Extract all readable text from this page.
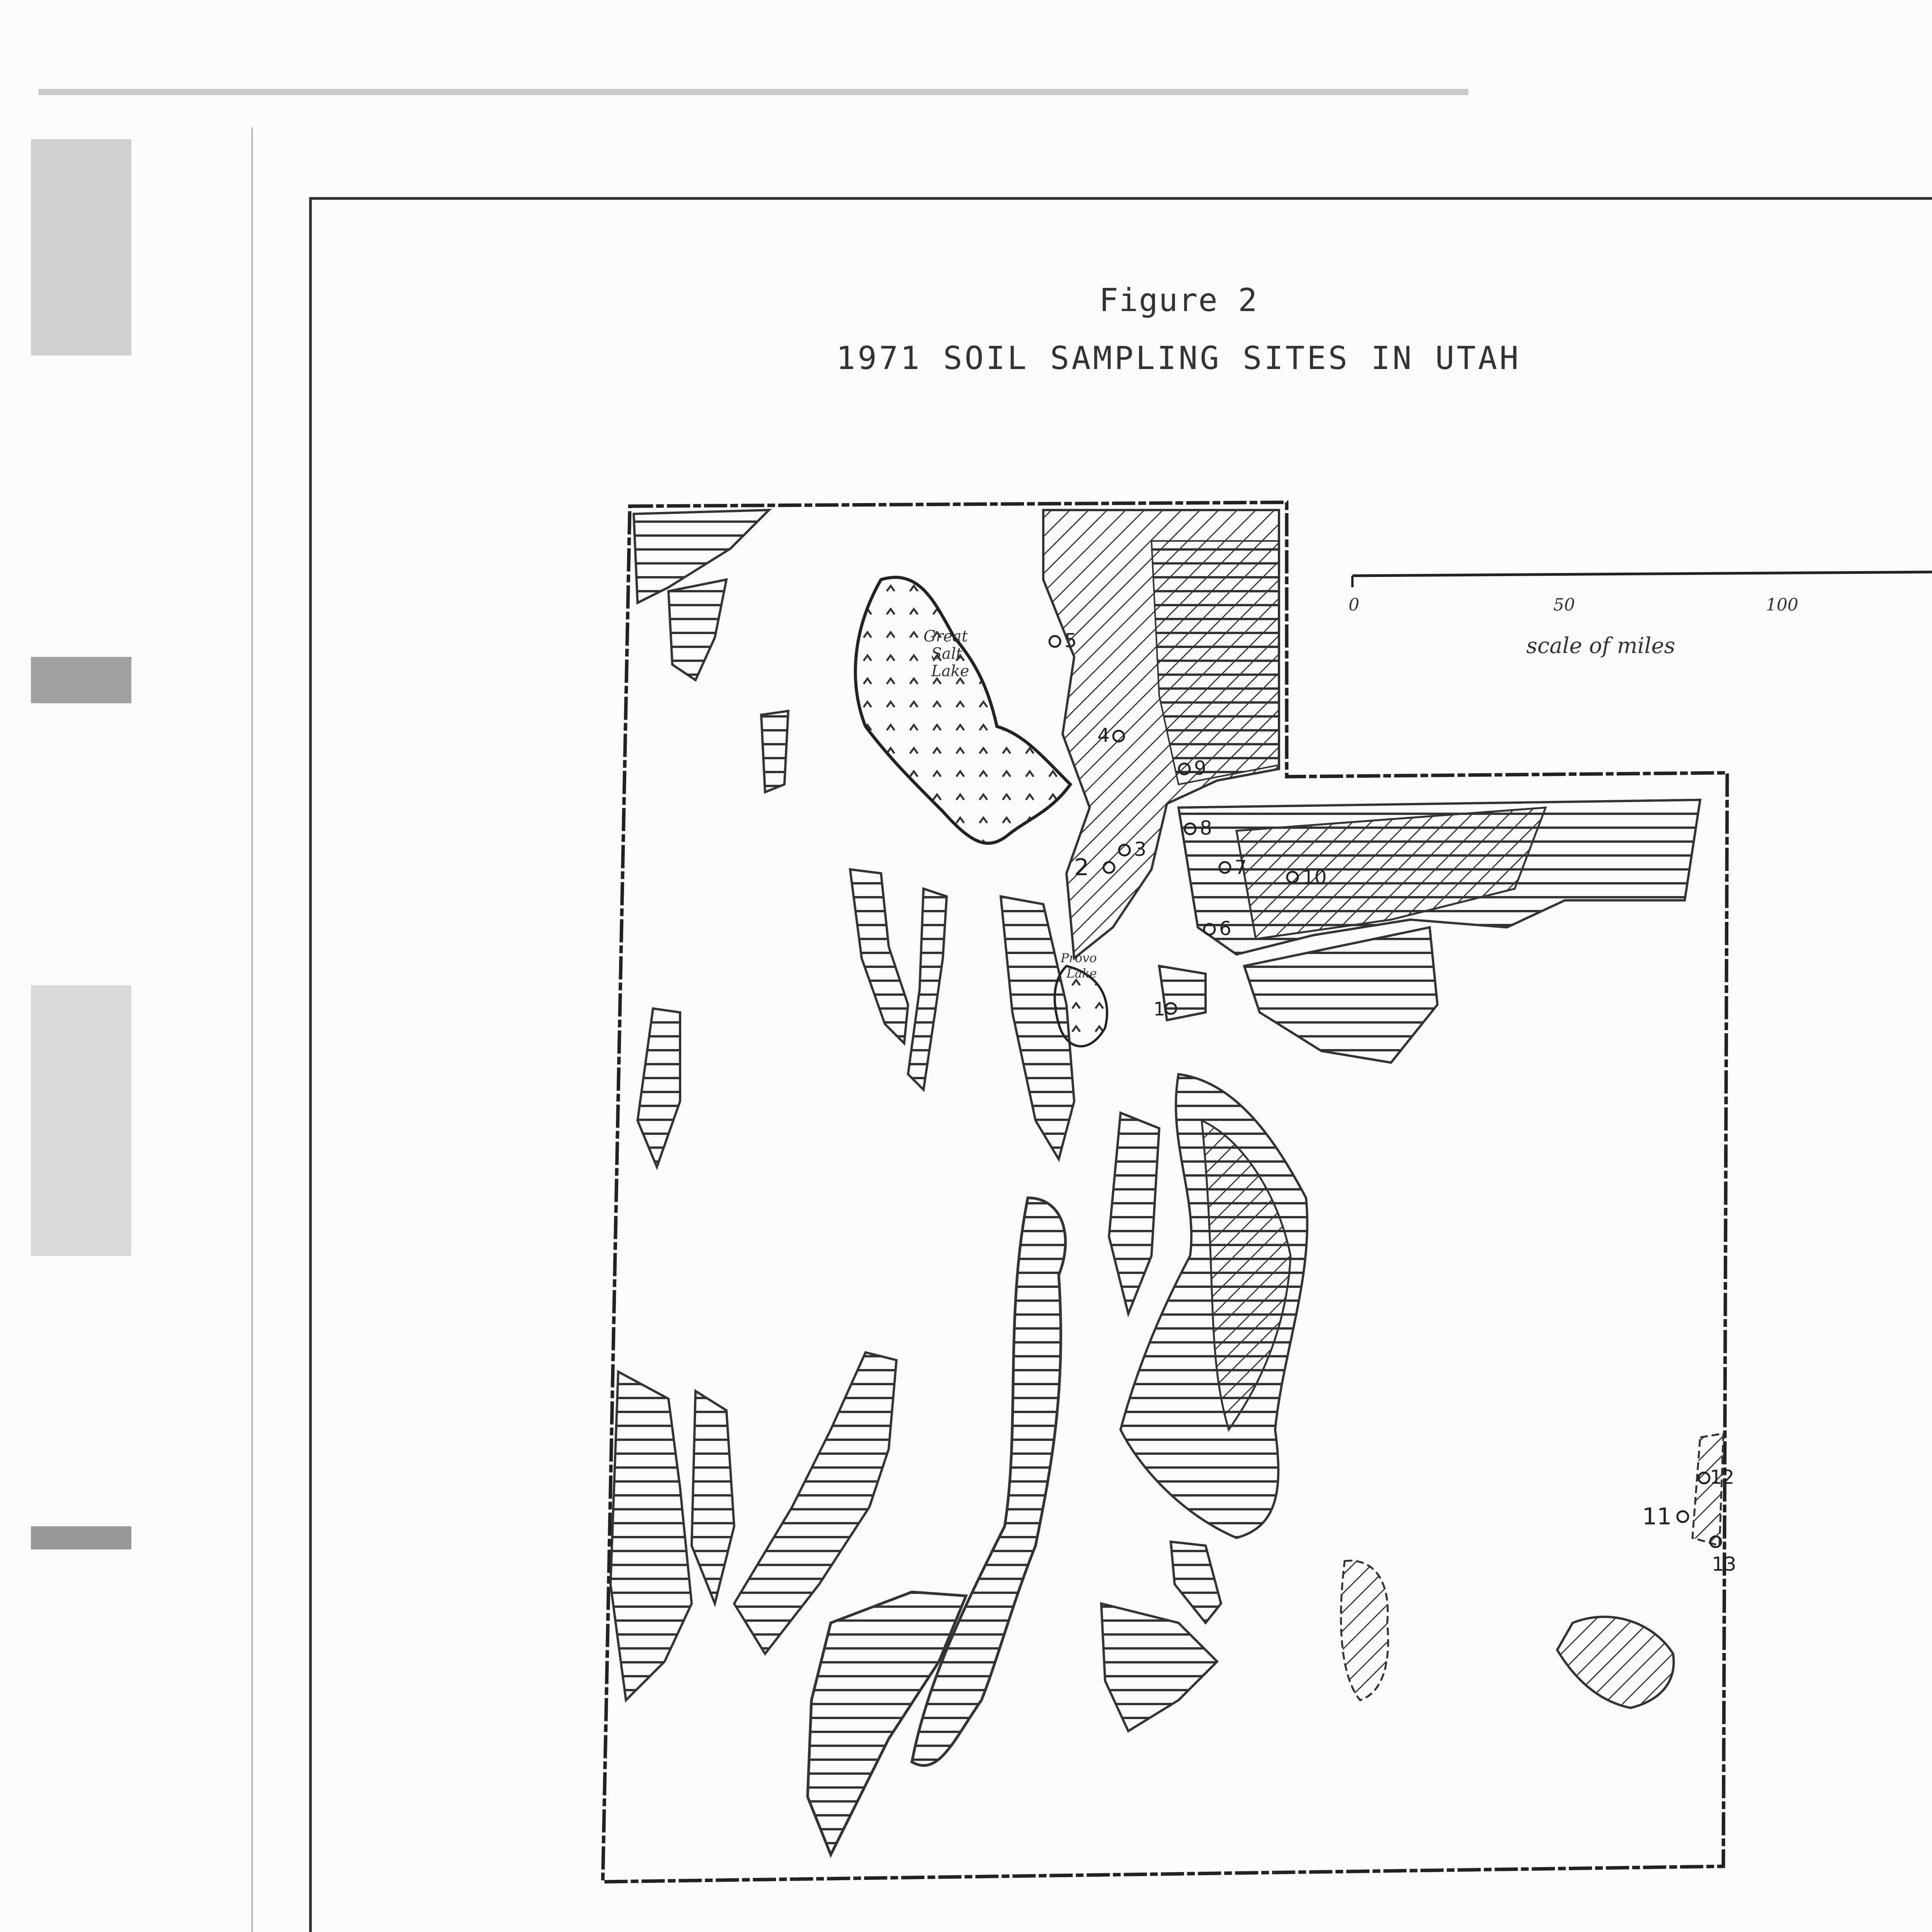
Figure 2
1971 SOIL SAMPLING SITES IN UTAH
Great
Salt
Lake
Provo
Lake
0	50	100
scale of miles
1
2
3
4
5
6
7
8
9
10
11
12
13
